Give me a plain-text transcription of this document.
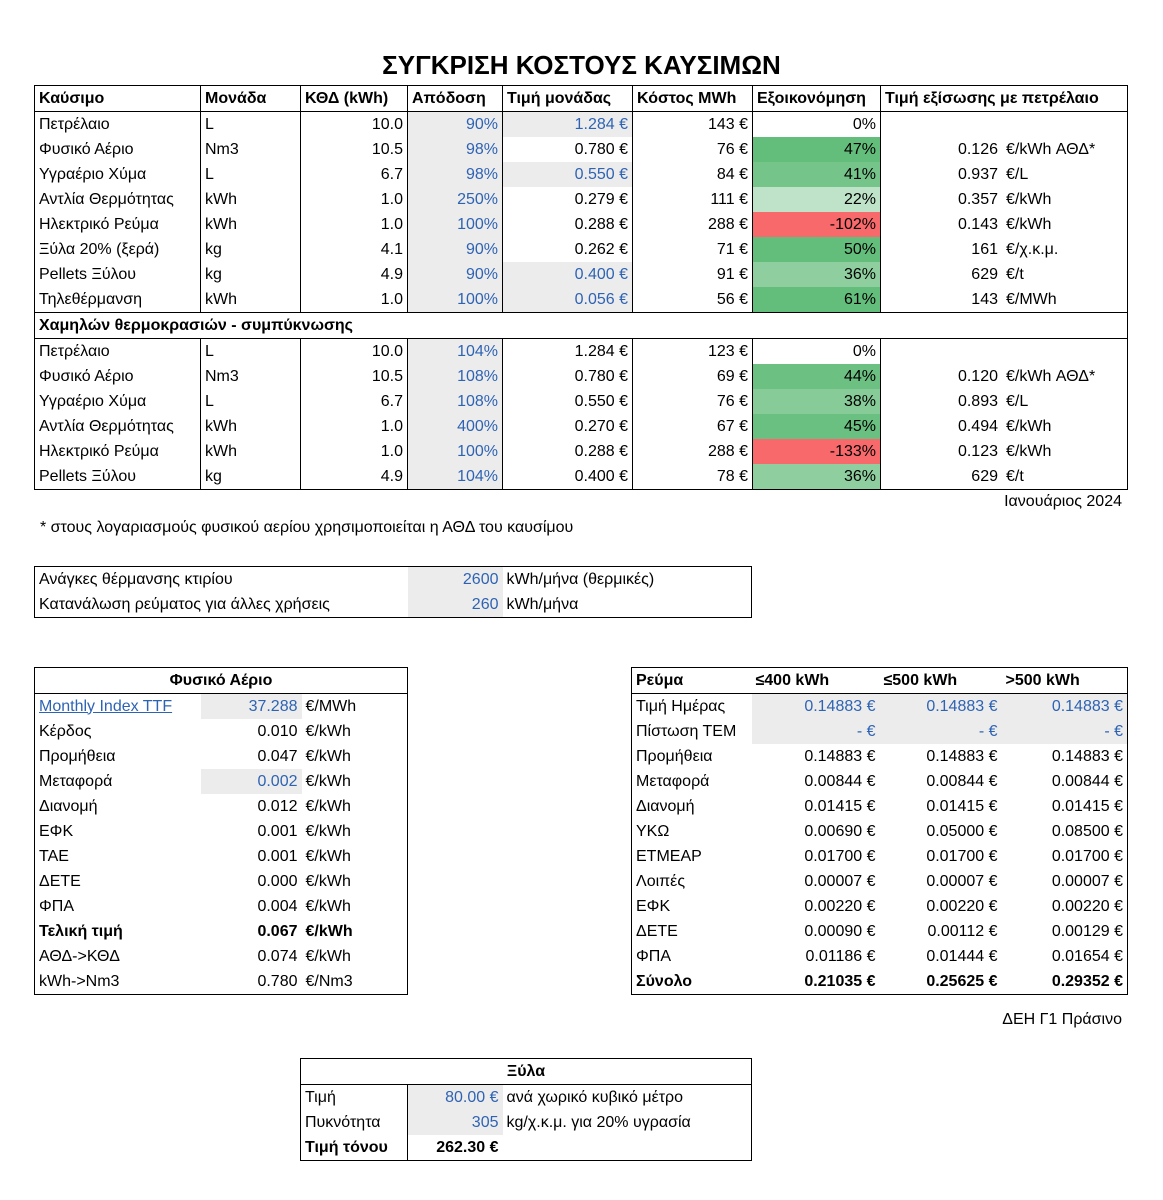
ΣΥΓΚΡΙΣΗ ΚΟΣΤΟΥΣ ΚΑΥΣΙΜΩΝ
Καύσιμο	Μονάδα	ΚΘΔ (kWh)	Απόδοση	Τιμή μονάδας	Κόστος MWh	Εξοικονόμηση	Τιμή εξίσωσης με πετρέλαιο
Πετρέλαιο	L	10.0	90%	1.284 €	143 €	0%	
Φυσικό Αέριο	Nm3	10.5	98%	0.780 €	76 €	47%	0.126 €/kWh ΑΘΔ*
Υγραέριο Χύμα	L	6.7	98%	0.550 €	84 €	41%	0.937 €/L
Αντλία Θερμότητας	kWh	1.0	250%	0.279 €	111 €	22%	0.357 €/kWh
Ηλεκτρικό Ρεύμα	kWh	1.0	100%	0.288 €	288 €	-102%	0.143 €/kWh
Ξύλα 20% (ξερά)	kg	4.1	90%	0.262 €	71 €	50%	161 €/χ.κ.μ.
Pellets Ξύλου	kg	4.9	90%	0.400 €	91 €	36%	629 €/t
Τηλεθέρμανση	kWh	1.0	100%	0.056 €	56 €	61%	143 €/MWh
Χαμηλών θερμοκρασιών - συμπύκνωσης							
Πετρέλαιο	L	10.0	104%	1.284 €	123 €	0%	
Φυσικό Αέριο	Nm3	10.5	108%	0.780 €	69 €	44%	0.120 €/kWh ΑΘΔ*
Υγραέριο Χύμα	L	6.7	108%	0.550 €	76 €	38%	0.893 €/L
Αντλία Θερμότητας	kWh	1.0	400%	0.270 €	67 €	45%	0.494 €/kWh
Ηλεκτρικό Ρεύμα	kWh	1.0	100%	0.288 €	288 €	-133%	0.123 €/kWh
Pellets Ξύλου	kg	4.9	104%	0.400 €	78 €	36%	629 €/t
Ιανουάριος 2024
* στους λογαριασμούς φυσικού αερίου χρησιμοποιείται η ΑΘΔ του καυσίμου
Ανάγκες θέρμανσης κτιρίου	2600	kWh/μήνα (θερμικές)
Κατανάλωση ρεύματος για άλλες χρήσεις	260	kWh/μήνα
Φυσικό Αέριο		
Monthly Index TTF	37.288	€/MWh
Κέρδος	0.010	€/kWh
Προμήθεια	0.047	€/kWh
Μεταφορά	0.002	€/kWh
Διανομή	0.012	€/kWh
ΕΦΚ	0.001	€/kWh
ΤΑΕ	0.001	€/kWh
ΔΕΤΕ	0.000	€/kWh
ΦΠΑ	0.004	€/kWh
Τελική τιμή	0.067	€/kWh
ΑΘΔ->ΚΘΔ	0.074	€/kWh
kWh->Nm3	0.780	€/Nm3
Ρεύμα	≤400 kWh	≤500 kWh	>500 kWh
Τιμή Ημέρας	0.14883 €	0.14883 €	0.14883 €
Πίστωση ΤΕΜ	- €	- €	- €
Προμήθεια	0.14883 €	0.14883 €	0.14883 €
Μεταφορά	0.00844 €	0.00844 €	0.00844 €
Διανομή	0.01415 €	0.01415 €	0.01415 €
ΥΚΩ	0.00690 €	0.05000 €	0.08500 €
ΕΤΜΕΑΡ	0.01700 €	0.01700 €	0.01700 €
Λοιπές	0.00007 €	0.00007 €	0.00007 €
ΕΦΚ	0.00220 €	0.00220 €	0.00220 €
ΔΕΤΕ	0.00090 €	0.00112 €	0.00129 €
ΦΠΑ	0.01186 €	0.01444 €	0.01654 €
Σύνολο	0.21035 €	0.25625 €	0.29352 €
ΔΕΗ Γ1 Πράσινο
Ξύλα		
Τιμή	80.00 €	ανά χωρικό κυβικό μέτρο
Πυκνότητα	305	kg/χ.κ.μ. για 20% υγρασία
Τιμή τόνου	262.30 €	
